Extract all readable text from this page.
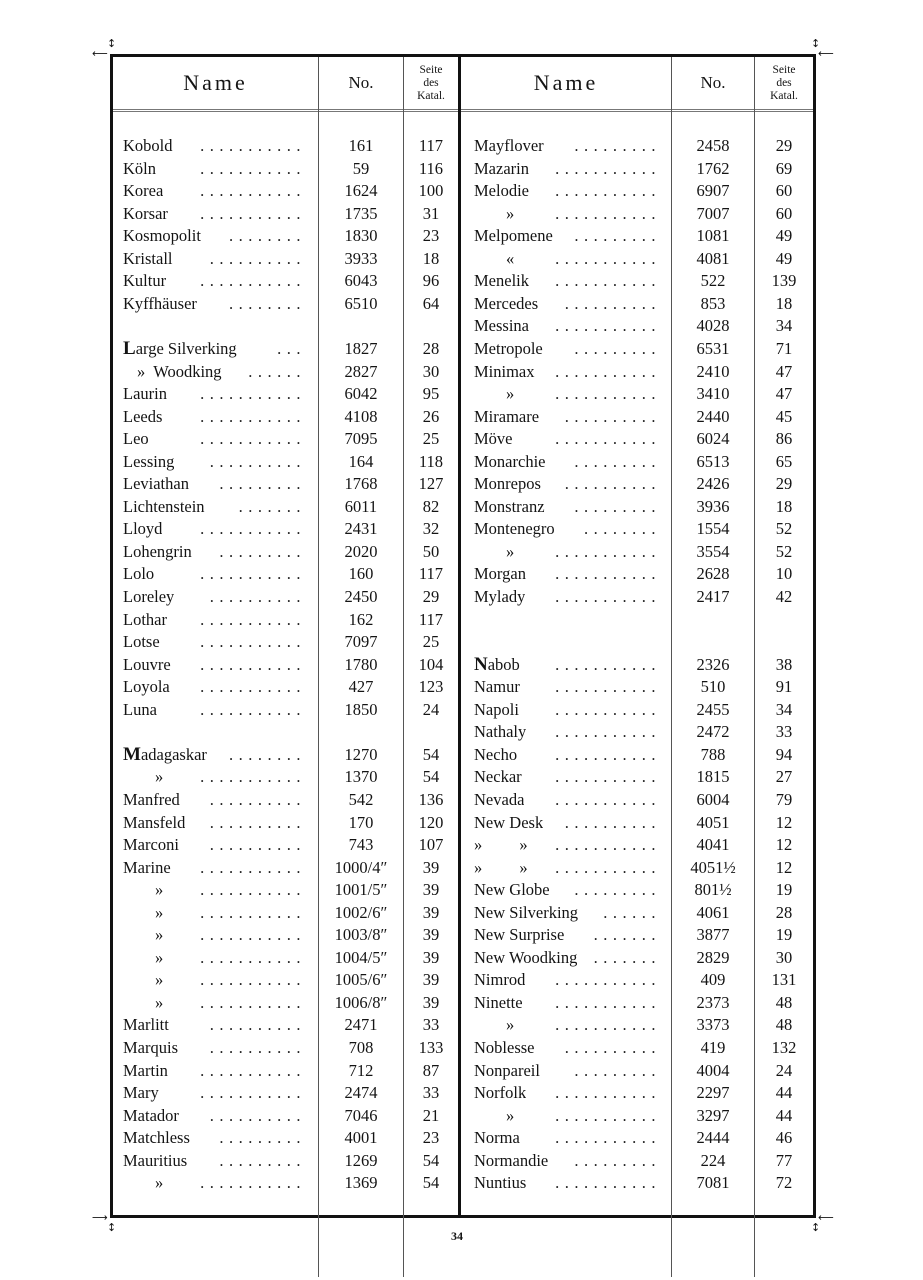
⟵
↕
⟵
↕
⟶
↕
⟵
↕
Name	No.
Seite
des
Katal.
Kobold ...........	161	117
Köln	...........	59	116
Korea ...........	1624	100
Korsar ...........	1735	31
Kosmopolit ........	1830	23
Kristall ..........	3933	18
Kultur ...........	6043	96
Kyffhäuser ........	6510	64
Large Silverking ...	1827	28
»  Woodking ......	2827	30
Laurin ...........	6042	95
Leeds ...........	4108	26
Leo	...........	7095	25
Lessing ..........	164	118
Leviathan .........	1768	127
Lichtenstein .......	6011	82
Lloyd ...........	2431	32
Lohengrin .........	2020	50
Lolo	...........	160	117
Loreley ..........	2450	29
Lothar ...........	162	117
Lotse ...........	7097	25
Louvre ...........	1780	104
Loyola ...........	427	123
Luna	...........	1850	24
Madagaskar ........	1270	54
» ...........	1370	54
Manfred ..........	542	136
Mansfeld ..........	170	120
Marconi ..........	743	107
Marine ...........	1000/4″	39
» ...........	1001/5″	39
» ...........	1002/6″	39
» ...........	1003/8″	39
» ...........	1004/5″	39
» ...........	1005/6″	39
» ...........	1006/8″	39
Marlitt ..........	2471	33
Marquis ..........	708	133
Martin ...........	712	87
Mary	...........	2474	33
Matador ..........	7046	21
Matchless .........	4001	23
Mauritius .........	1269	54
» ...........	1369	54
Name	No.
Seite
des
Katal.
Mayflover .........	2458	29
Mazarin ...........	1762	69
Melodie ...........	6907	60
» ...........	7007	60
Melpomene .........	1081	49
« ...........	4081	49
Menelik ...........	522	139
Mercedes ..........	853	18
Messina ...........	4028	34
Metropole .........	6531	71
Minimax ...........	2410	47
» ...........	3410	47
Miramare ..........	2440	45
Möve	...........	6024	86
Monarchie .........	6513	65
Monrepos ..........	2426	29
Monstranz .........	3936	18
Montenegro ........	1554	52
» ...........	3554	52
Morgan ...........	2628	10
Mylady ...........	2417	42
Nabob ...........	2326	38
Namur ...........	510	91
Napoli ...........	2455	34
Nathaly ...........	2472	33
Necho ...........	788	94
Neckar ...........	1815	27
Nevada ...........	6004	79
New Desk ..........	4051	12
»         » ...........	4041	12
»         » ...........	4051½	12
New Globe .........	801½	19
New Silverking ......	4061	28
New Surprise .......	3877	19
New Woodking .......	2829	30
Nimrod ...........	409	131
Ninette ...........	2373	48
» ...........	3373	48
Noblesse ..........	419	132
Nonpareil .........	4004	24
Norfolk ...........	2297	44
» ...........	3297	44
Norma ...........	2444	46
Normandie .........	224	77
Nuntius ...........	7081	72
34
